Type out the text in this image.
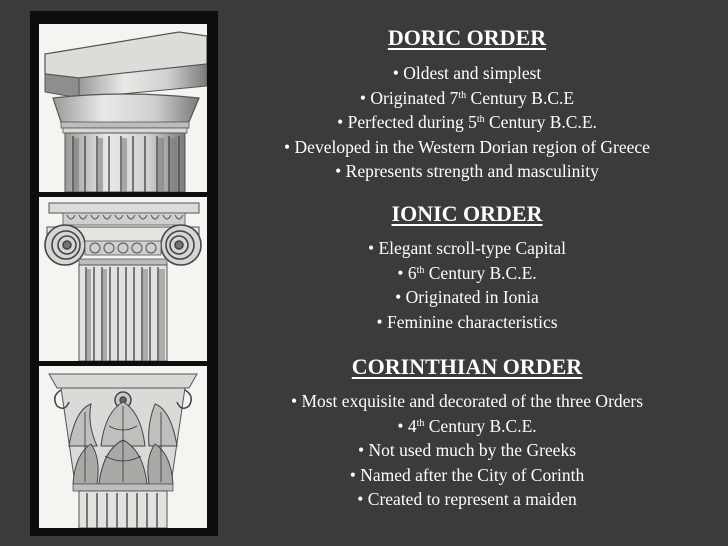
DORIC ORDER
• Oldest and simplest
• Originated 7th Century B.C.E
• Perfected during 5th Century B.C.E.
• Developed in the Western Dorian region of Greece
• Represents strength and masculinity
IONIC ORDER
• Elegant scroll-type Capital
• 6th Century B.C.E.
• Originated in Ionia
• Feminine characteristics
CORINTHIAN ORDER
• Most exquisite and decorated of the three Orders
• 4th Century B.C.E.
• Not used much by the Greeks
• Named after the City of Corinth
• Created to represent a maiden
